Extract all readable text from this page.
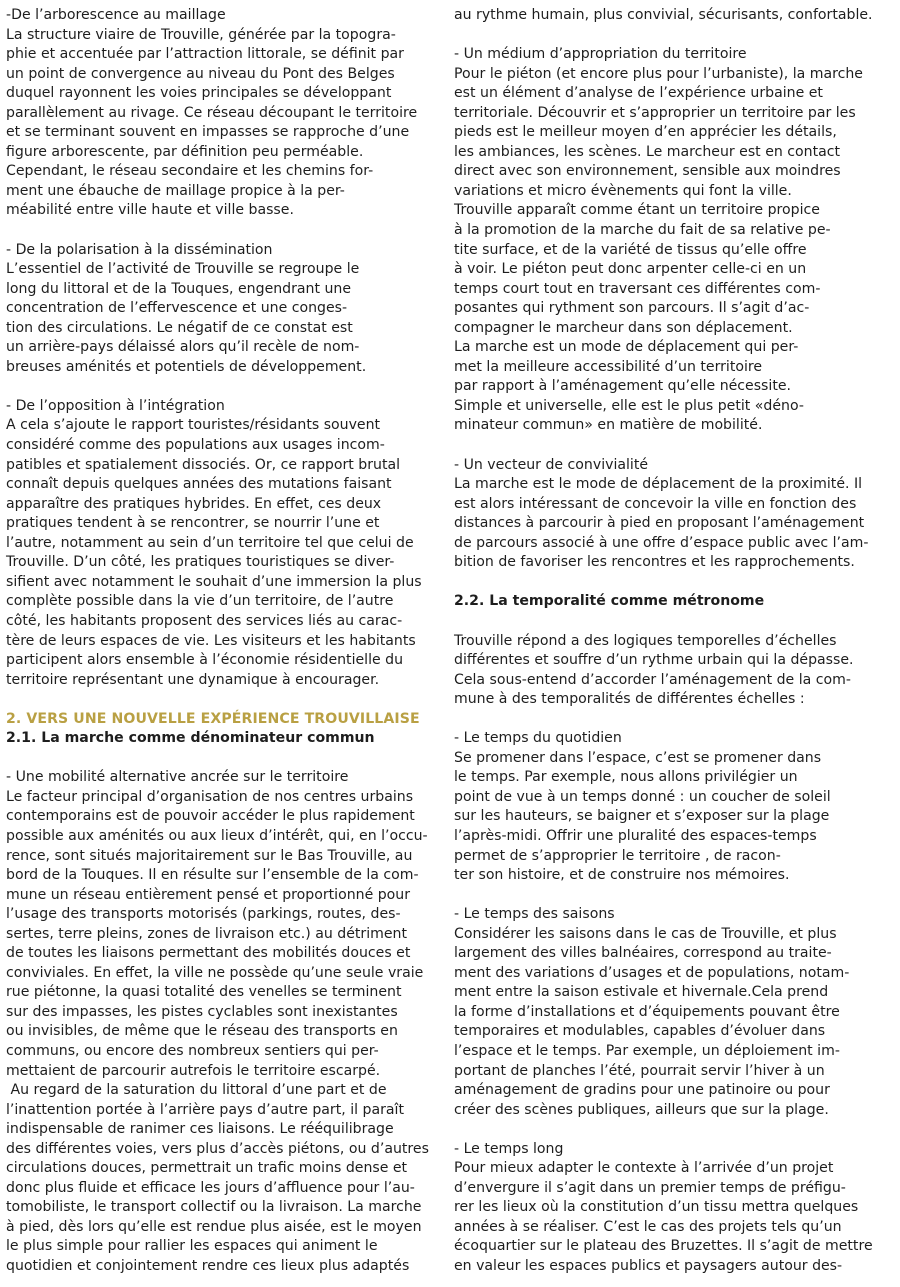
-De l’arborescence au maillage
La structure viaire de Trouville, générée par la topogra-
phie et accentuée par l’attraction littorale, se définit par
un point de convergence au niveau du Pont des Belges
duquel rayonnent les voies principales se développant
parallèlement au rivage. Ce réseau découpant le territoire
et se terminant souvent en impasses se rapproche d’une
figure arborescente, par définition peu perméable.
Cependant, le réseau secondaire et les chemins for-
ment une ébauche de maillage propice à la per-
méabilité entre ville haute et ville basse.
- De la polarisation à la dissémination
L’essentiel de l’activité de Trouville se regroupe le
long du littoral et de la Touques, engendrant une
concentration de l’effervescence et une conges-
tion des circulations. Le négatif de ce constat est
un arrière-pays délaissé alors qu’il recèle de nom-
breuses aménités et potentiels de développement.
- De l’opposition à l’intégration
A cela s’ajoute le rapport touristes/résidants souvent
considéré comme des populations aux usages incom-
patibles et spatialement dissociés. Or, ce rapport brutal
connaît depuis quelques années des mutations faisant
apparaître des pratiques hybrides. En effet, ces deux
pratiques tendent à se rencontrer, se nourrir l’une et
l’autre, notamment au sein d’un territoire tel que celui de
Trouville. D’un côté, les pratiques touristiques se diver-
sifient avec notamment le souhait d’une immersion la plus
complète possible dans la vie d’un territoire, de l’autre
côté, les habitants proposent des services liés au carac-
tère de leurs espaces de vie. Les visiteurs et les habitants
participent alors ensemble à l’économie résidentielle du
territoire représentant une dynamique à encourager.
2. VERS UNE NOUVELLE EXPÉRIENCE TROUVILLAISE
2.1. La marche comme dénominateur commun
- Une mobilité alternative ancrée sur le territoire
Le facteur principal d’organisation de nos centres urbains
contemporains est de pouvoir accéder le plus rapidement
possible aux aménités ou aux lieux d’intérêt, qui, en l’occu-
rence, sont situés majoritairement sur le Bas Trouville, au
bord de la Touques. Il en résulte sur l’ensemble de la com-
mune un réseau entièrement pensé et proportionné pour
l’usage des transports motorisés (parkings, routes, des-
sertes, terre pleins, zones de livraison etc.) au détriment
de toutes les liaisons permettant des mobilités douces et
conviviales. En effet, la ville ne possède qu’une seule vraie
rue piétonne, la quasi totalité des venelles se terminent
sur des impasses, les pistes cyclables sont inexistantes
ou invisibles, de même que le réseau des transports en
communs, ou encore des nombreux sentiers qui per-
mettaient de parcourir autrefois le territoire escarpé.
Au regard de la saturation du littoral d’une part et de
l’inattention portée à l’arrière pays d’autre part, il paraît
indispensable de ranimer ces liaisons. Le rééquilibrage
des différentes voies, vers plus d’accès piétons, ou d’autres
circulations douces, permettrait un trafic moins dense et
donc plus fluide et efficace les jours d’affluence pour l’au-
tomobiliste, le transport collectif ou la livraison. La marche
à pied, dès lors qu’elle est rendue plus aisée, est le moyen
le plus simple pour rallier les espaces qui animent le
quotidien et conjointement rendre ces lieux plus adaptés
au rythme humain, plus convivial, sécurisants, confortable.
- Un médium d’appropriation du territoire
Pour le piéton (et encore plus pour l’urbaniste), la marche
est un élément d’analyse de l’expérience urbaine et
territoriale. Découvrir et s’approprier un territoire par les
pieds est le meilleur moyen d’en apprécier les détails,
les ambiances, les scènes. Le marcheur est en contact
direct avec son environnement, sensible aux moindres
variations et micro évènements qui font la ville.
Trouville apparaît comme étant un territoire propice
à la promotion de la marche du fait de sa relative pe-
tite surface, et de la variété de tissus qu’elle offre
à voir. Le piéton peut donc arpenter celle-ci en un
temps court tout en traversant ces différentes com-
posantes qui rythment son parcours. Il s’agit d’ac-
compagner le marcheur dans son déplacement.
La marche est un mode de déplacement qui per-
met la meilleure accessibilité d’un territoire
par rapport à l’aménagement qu’elle nécessite.
Simple et universelle, elle est le plus petit «déno-
minateur commun» en matière de mobilité.
- Un vecteur de convivialité
La marche est le mode de déplacement de la proximité. Il
est alors intéressant de concevoir la ville en fonction des
distances à parcourir à pied en proposant l’aménagement
de parcours associé à une offre d’espace public avec l’am-
bition de favoriser les rencontres et les rapprochements.
2.2. La temporalité comme métronome
Trouville répond a des logiques temporelles d’échelles
différentes et souffre d’un rythme urbain qui la dépasse.
Cela sous-entend d’accorder l’aménagement de la com-
mune à des temporalités de différentes échelles :
- Le temps du quotidien
Se promener dans l’espace, c’est se promener dans
le temps. Par exemple, nous allons privilégier un
point de vue à un temps donné : un coucher de soleil
sur les hauteurs, se baigner et s’exposer sur la plage
l’après-midi. Offrir une pluralité des espaces-temps
permet de s’approprier le territoire , de racon-
ter son histoire, et de construire nos mémoires.
- Le temps des saisons
Considérer les saisons dans le cas de Trouville, et plus
largement des villes balnéaires, correspond au traite-
ment des variations d’usages et de populations, notam-
ment entre la saison estivale et hivernale.Cela prend
la forme d’installations et d’équipements pouvant être
temporaires et modulables, capables d’évoluer dans
l’espace et le temps. Par exemple, un déploiement im-
portant de planches l’été, pourrait servir l’hiver à un
aménagement de gradins pour une patinoire ou pour
créer des scènes publiques, ailleurs que sur la plage.
- Le temps long
Pour mieux adapter le contexte à l’arrivée d’un projet
d’envergure il s’agit dans un premier temps de préfigu-
rer les lieux où la constitution d’un tissu mettra quelques
années à se réaliser. C’est le cas des projets tels qu’un
écoquartier sur le plateau des Bruzettes. Il s’agit de mettre
en valeur les espaces publics et paysagers autour des-
